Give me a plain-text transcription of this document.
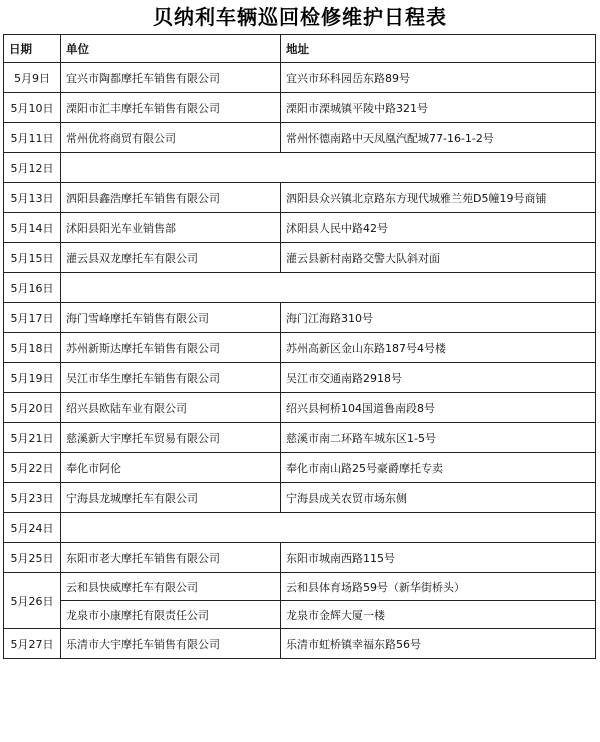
贝纳利车辆巡回检修维护日程表
日期	单位	地址
5月9日	宜兴市陶都摩托车销售有限公司	宜兴市环科园岳东路89号
5月10日	溧阳市汇丰摩托车销售有限公司	溧阳市溧城镇平陵中路321号
5月11日	常州优将商贸有限公司	常州怀德南路中天凤凰汽配城77-16-1-2号
5月12日		
5月13日	泗阳县鑫浩摩托车销售有限公司	泗阳县众兴镇北京路东方现代城雅兰苑D5幢19号商铺
5月14日	沭阳县阳光车业销售部	沭阳县人民中路42号
5月15日	灌云县双龙摩托车有限公司	灌云县新村南路交警大队斜对面
5月16日		
5月17日	海门雪峰摩托车销售有限公司	海门江海路310号
5月18日	苏州新斯达摩托车销售有限公司	苏州高新区金山东路187号4号楼
5月19日	吴江市华生摩托车销售有限公司	吴江市交通南路2918号
5月20日	绍兴县欧陆车业有限公司	绍兴县柯桥104国道鲁南段8号
5月21日	慈溪新大宇摩托车贸易有限公司	慈溪市南二环路车城东区1-5号
5月22日	奉化市阿伦	奉化市南山路25号豪爵摩托专卖
5月23日	宁海县龙城摩托车有限公司	宁海县成关农贸市场东侧
5月24日		
5月25日	东阳市老大摩托车销售有限公司	东阳市城南西路115号
5月26日	云和县快威摩托车有限公司	云和县体育场路59号（新华街桥头）
	龙泉市小康摩托有限责任公司	龙泉市金辉大厦一楼
5月27日	乐清市大宇摩托车销售有限公司	乐清市虹桥镇幸福东路56号
